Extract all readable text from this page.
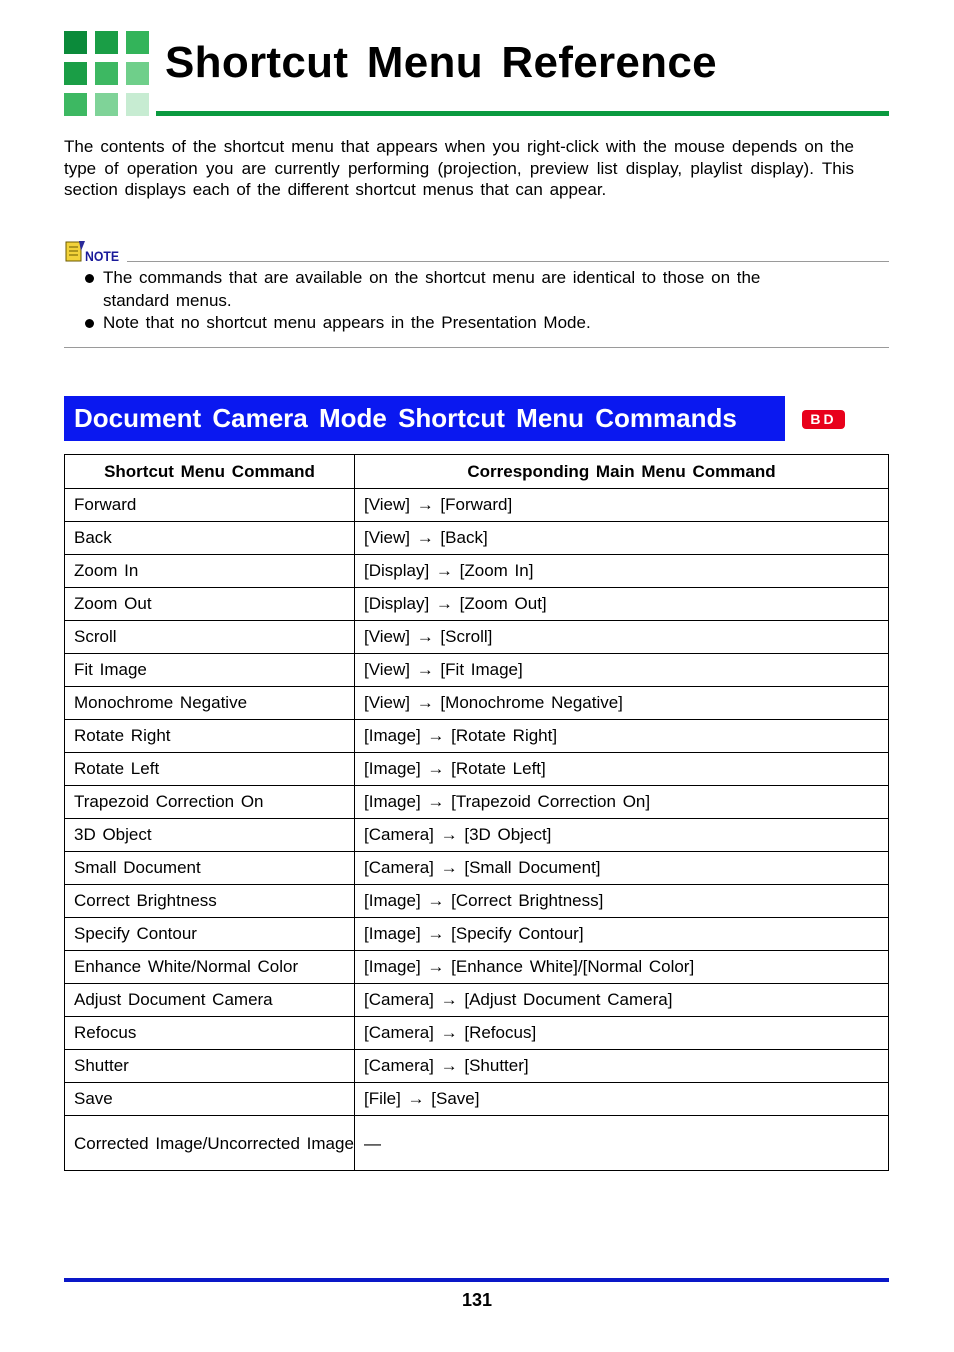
Shortcut Menu Reference

The contents of the shortcut menu that appears when you right-click with the mouse depends on the type of operation you are currently performing (projection, preview list display, playlist display). This section displays each of the different shortcut menus that can appear.

NOTE
The commands that are available on the shortcut menu are identical to those on the standard menus.
Note that no shortcut menu appears in the Presentation Mode.
Document Camera Mode Shortcut Menu Commands	BD
Shortcut Menu Command	Corresponding Main Menu Command
Forward	[View] → [Forward]
Back	[View] → [Back]
Zoom In	[Display] → [Zoom In]
Zoom Out	[Display] → [Zoom Out]
Scroll	[View] → [Scroll]
Fit Image	[View] → [Fit Image]
Monochrome Negative	[View] → [Monochrome Negative]
Rotate Right	[Image] → [Rotate Right]
Rotate Left	[Image] → [Rotate Left]
Trapezoid Correction On	[Image] → [Trapezoid Correction On]
3D Object	[Camera] → [3D Object]
Small Document	[Camera] → [Small Document]
Correct Brightness	[Image] → [Correct Brightness]
Specify Contour	[Image] → [Specify Contour]
Enhance White/Normal Color	[Image] → [Enhance White]/[Normal Color]
Adjust Document Camera	[Camera] → [Adjust Document Camera]
Refocus	[Camera] → [Refocus]
Shutter	[Camera] → [Shutter]
Save	[File] → [Save]
Corrected Image/Uncorrected Image	—
131
